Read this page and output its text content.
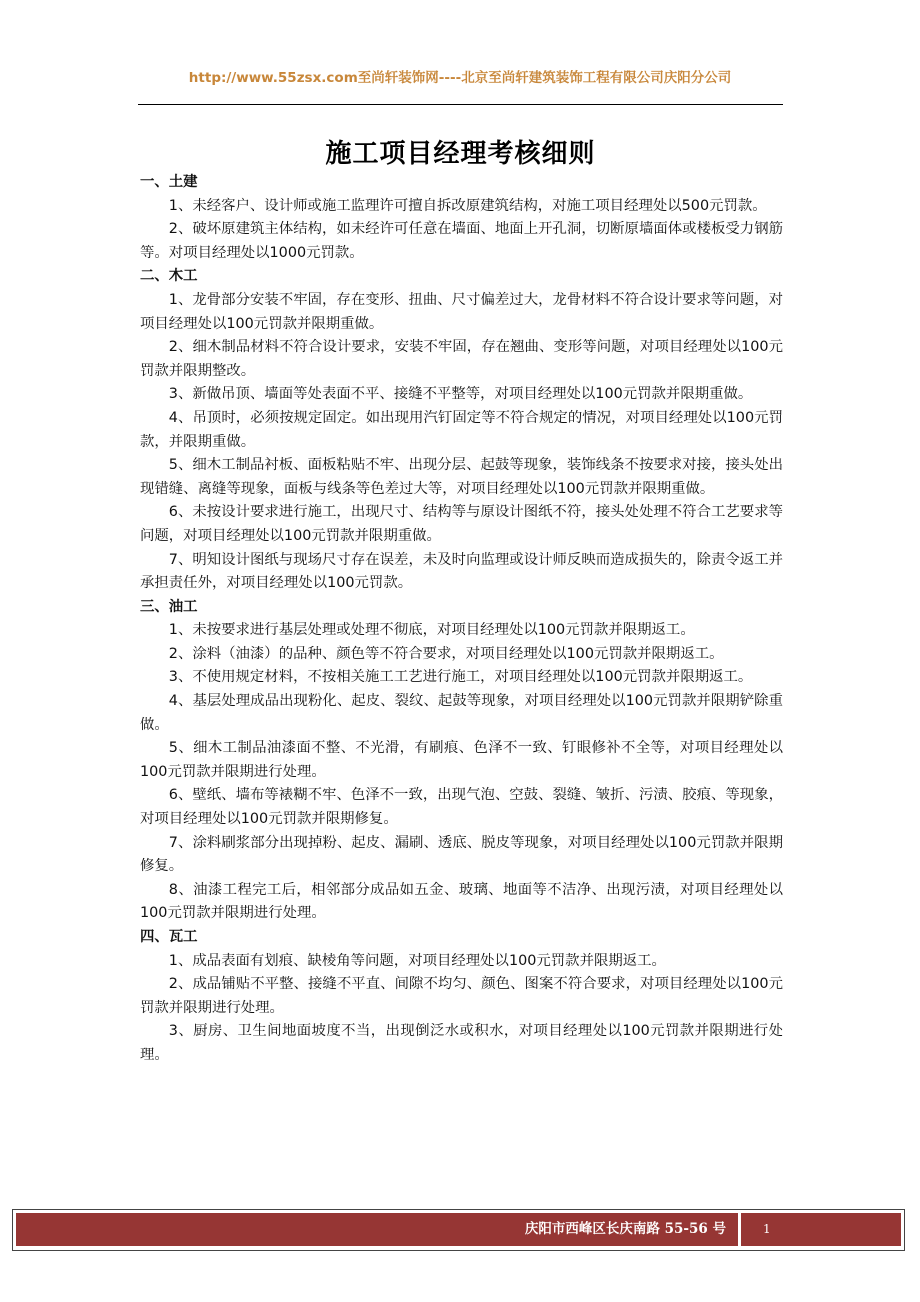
http://www.55zsx.com至尚轩装饰网----北京至尚轩建筑装饰工程有限公司庆阳分公司
施工项目经理考核细则

一、土建

1、未经客户、设计师或施工监理许可擅自拆改原建筑结构，对施工项目经理处以500元罚款。

2、破坏原建筑主体结构，如未经许可任意在墙面、地面上开孔洞，切断原墙面体或楼板受力钢筋等。对项目经理处以1000元罚款。

二、木工

1、龙骨部分安装不牢固，存在变形、扭曲、尺寸偏差过大，龙骨材料不符合设计要求等问题，对项目经理处以100元罚款并限期重做。

2、细木制品材料不符合设计要求，安装不牢固，存在翘曲、变形等问题，对项目经理处以100元罚款并限期整改。

3、新做吊顶、墙面等处表面不平、接缝不平整等，对项目经理处以100元罚款并限期重做。

4、吊顶时，必须按规定固定。如出现用汽钉固定等不符合规定的情况，对项目经理处以100元罚款，并限期重做。

5、细木工制品衬板、面板粘贴不牢、出现分层、起鼓等现象，装饰线条不按要求对接，接头处出现错缝、离缝等现象，面板与线条等色差过大等，对项目经理处以100元罚款并限期重做。

6、未按设计要求进行施工，出现尺寸、结构等与原设计图纸不符，接头处处理不符合工艺要求等问题，对项目经理处以100元罚款并限期重做。

7、明知设计图纸与现场尺寸存在误差，未及时向监理或设计师反映而造成损失的，除责令返工并承担责任外，对项目经理处以100元罚款。

三、油工

1、未按要求进行基层处理或处理不彻底，对项目经理处以100元罚款并限期返工。

2、涂料（油漆）的品种、颜色等不符合要求，对项目经理处以100元罚款并限期返工。

3、不使用规定材料，不按相关施工工艺进行施工，对项目经理处以100元罚款并限期返工。

4、基层处理成品出现粉化、起皮、裂纹、起鼓等现象，对项目经理处以100元罚款并限期铲除重做。

5、细木工制品油漆面不整、不光滑，有刷痕、色泽不一致、钉眼修补不全等，对项目经理处以100元罚款并限期进行处理。

6、壁纸、墙布等裱糊不牢、色泽不一致，出现气泡、空鼓、裂缝、皱折、污渍、胶痕、等现象，对项目经理处以100元罚款并限期修复。

7、涂料刷浆部分出现掉粉、起皮、漏刷、透底、脱皮等现象，对项目经理处以100元罚款并限期修复。

8、油漆工程完工后，相邻部分成品如五金、玻璃、地面等不洁净、出现污渍，对项目经理处以100元罚款并限期进行处理。

四、瓦工

1、成品表面有划痕、缺棱角等问题，对项目经理处以100元罚款并限期返工。

2、成品铺贴不平整、接缝不平直、间隙不均匀、颜色、图案不符合要求，对项目经理处以100元罚款并限期进行处理。

3、厨房、卫生间地面坡度不当，出现倒泛水或积水，对项目经理处以100元罚款并限期进行处理。

庆阳市西峰区长庆南路 55-56 号	1
